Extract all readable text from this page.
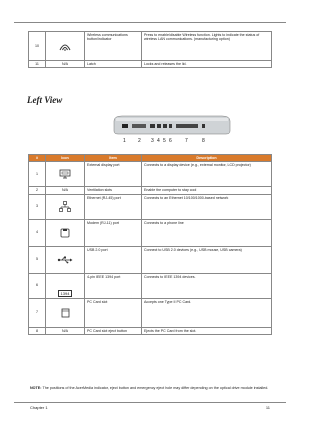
10		Wireless communications button/indicator	Press to enable/disable Wireless function. Lights to indicate the status of wireless LAN communications. (manufacturing option)
11	N/A	Latch	Locks and releases the lid.
Left View
1 2 3 4 5 6	7	8
#	Icon	Item	Description
1		External display port	Connects to a display device (e.g., external monitor, LCD projector)
2	N/A	Ventilation slots	Enable the computer to stay cool
3		Ethernet (RJ-45) port	Connects to an Ethernet 10/100/1000-based network
4		Modem (RJ-11) port	Connects to a phone line
5		USB 2.0 port	Connect to USB 2.0 devices (e.g., USB mouse, USB camera)
6	1394	4-pin IEEE 1394 port	Connects to IEEE 1394 devices.
7		PC Card slot	Accepts one Type II PC Card.
8	N/A	PC Card slot eject button	Ejects the PC Card from the slot.
NOTE: The positions of the AcerMedia indicator, eject button and emergency eject hole may differ depending on the optical drive module installed.
Chapter 1	11
